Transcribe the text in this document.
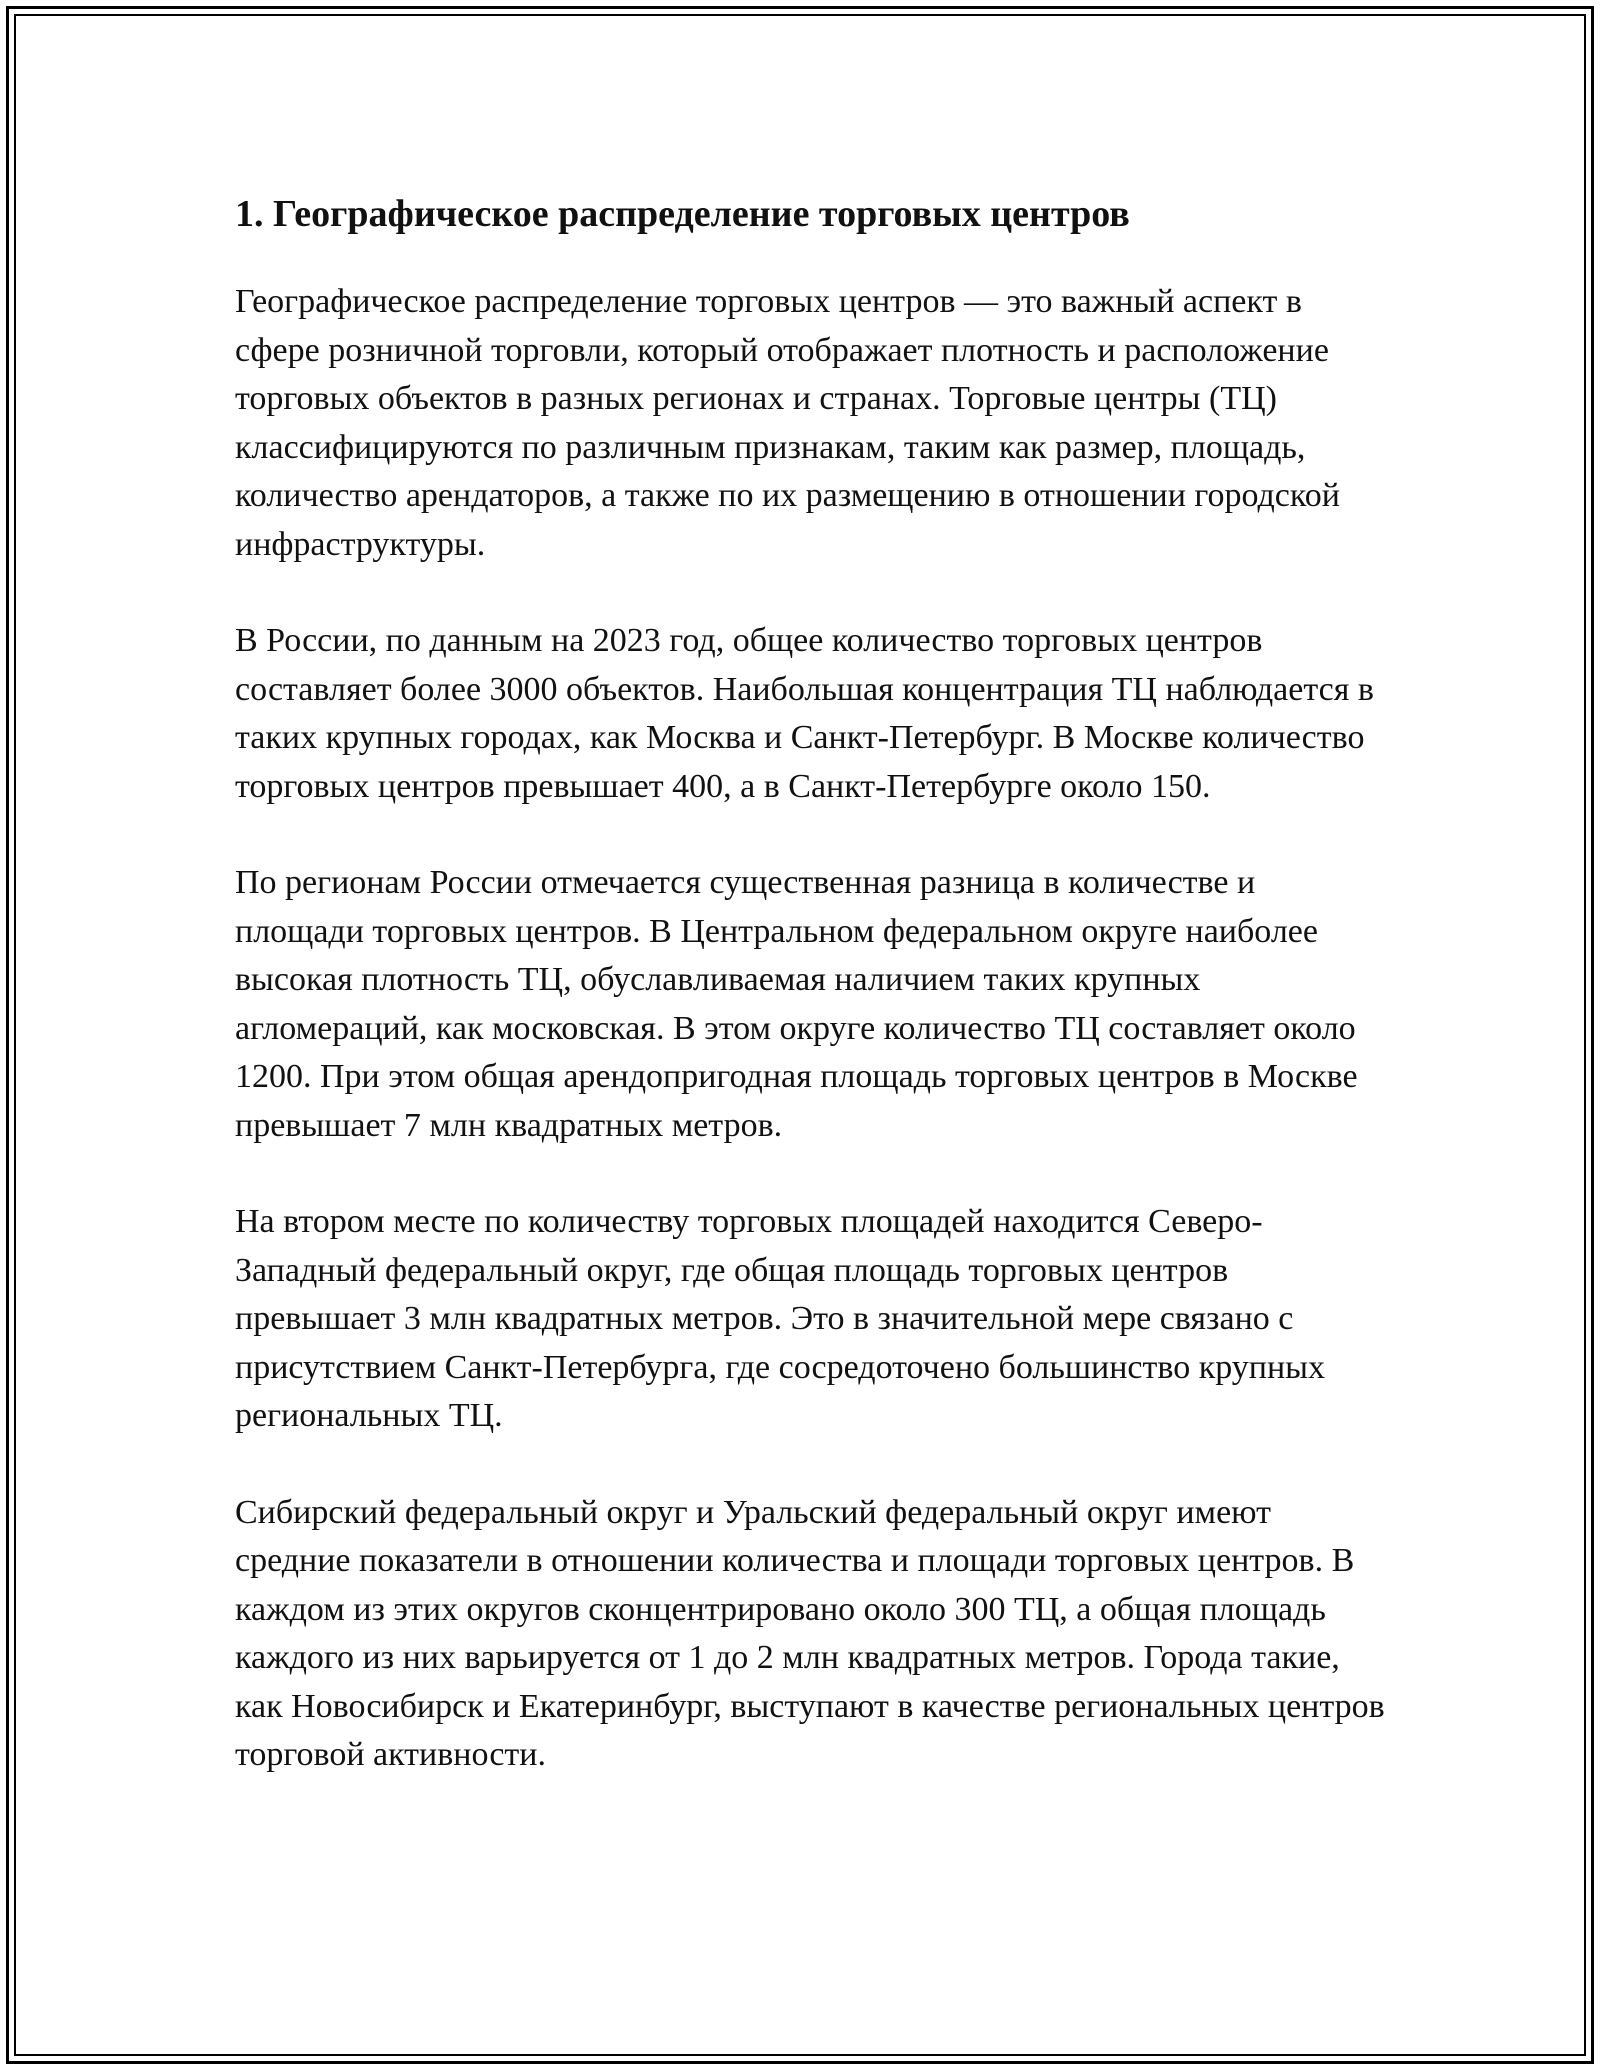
1. Географическое распределение торговых центров

Географическое распределение торговых центров — это важный аспект в сфере розничной торговли, который отображает плотность и расположение торговых объектов в разных регионах и странах. Торговые центры (ТЦ) классифицируются по различным признакам, таким как размер, площадь, количество арендаторов, а также по их размещению в отношении городской инфраструктуры.

В России, по данным на 2023 год, общее количество торговых центров составляет более 3000 объектов. Наибольшая концентрация ТЦ наблюдается в таких крупных городах, как Москва и Санкт-Петербург. В Москве количество торговых центров превышает 400, а в Санкт-Петербурге около 150.

По регионам России отмечается существенная разница в количестве и площади торговых центров. В Центральном федеральном округе наиболее высокая плотность ТЦ, обуславливаемая наличием таких крупных агломераций, как московская. В этом округе количество ТЦ составляет около 1200. При этом общая арендопригодная площадь торговых центров в Москве превышает 7 млн квадратных метров.

На втором месте по количеству торговых площадей находится Северо-Западный федеральный округ, где общая площадь торговых центров превышает 3 млн квадратных метров. Это в значительной мере связано с присутствием Санкт-Петербурга, где сосредоточено большинство крупных региональных ТЦ.

Сибирский федеральный округ и Уральский федеральный округ имеют средние показатели в отношении количества и площади торговых центров. В каждом из этих округов сконцентрировано около 300 ТЦ, а общая площадь каждого из них варьируется от 1 до 2 млн квадратных метров. Города такие, как Новосибирск и Екатеринбург, выступают в качестве региональных центров торговой активности.
